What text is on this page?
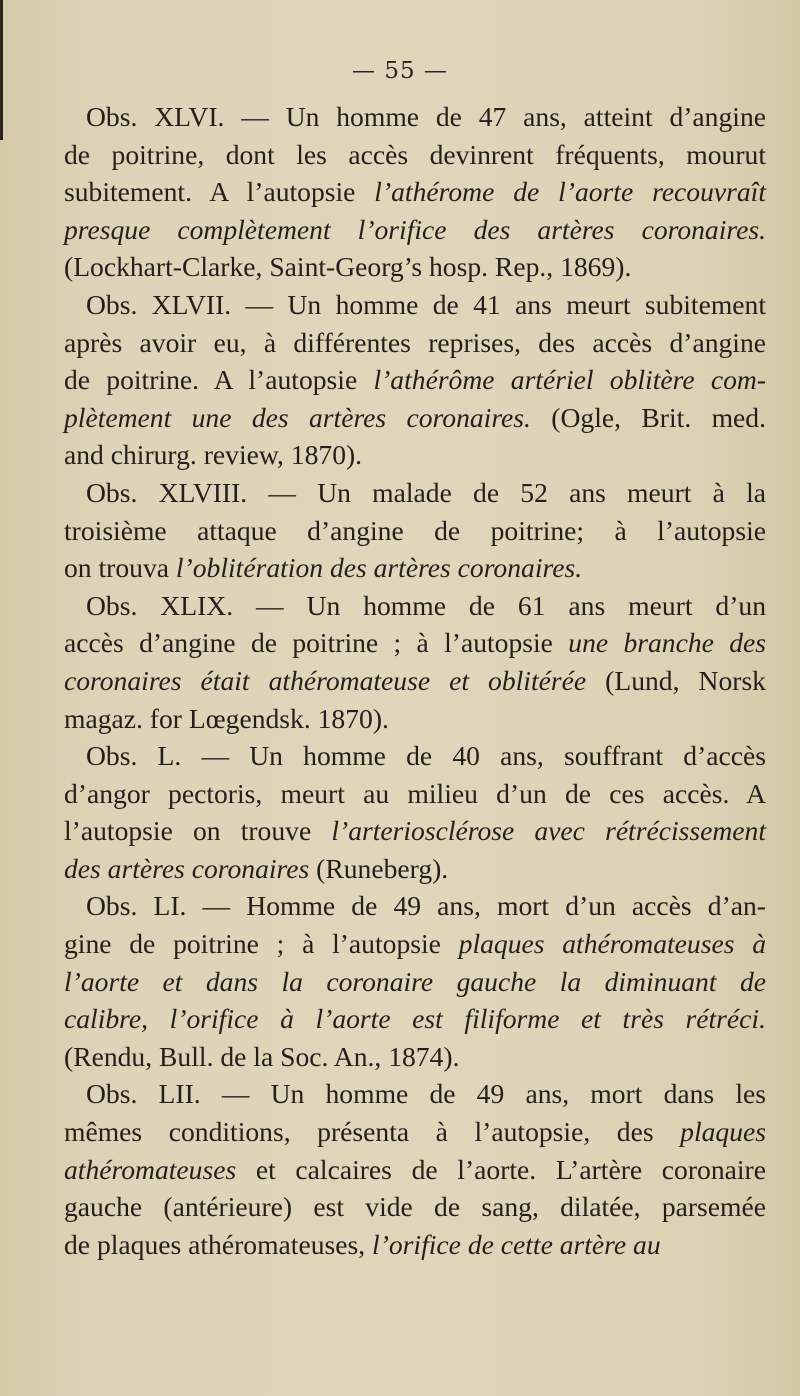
— 55 —

Obs. XLVI. — Un homme de 47 ans, atteint d’angine
de poitrine, dont les accès devinrent fréquents, mourut
subitement. A l’autopsie l’athérome de l’aorte recouvraît
presque complètement l’orifice des artères coronaires.
(Lockhart-Clarke, Saint-Georg’s hosp. Rep., 1869).

Obs. XLVII. — Un homme de 41 ans meurt subitement
après avoir eu, à différentes reprises, des accès d’angine
de poitrine. A l’autopsie l’athérôme artériel oblitère com-
plètement une des artères coronaires. (Ogle, Brit. med.
and chirurg. review, 1870).

Obs. XLVIII. — Un malade de 52 ans meurt à la
troisième attaque d’angine de poitrine; à l’autopsie
on trouva l’oblitération des artères coronaires.

Obs. XLIX. — Un homme de 61 ans meurt d’un
accès d’angine de poitrine ; à l’autopsie une branche des
coronaires était athéromateuse et oblitérée (Lund, Norsk
magaz. for Lœgendsk. 1870).

Obs. L. — Un homme de 40 ans, souffrant d’accès
d’angor pectoris, meurt au milieu d’un de ces accès. A
l’autopsie on trouve l’arteriosclérose avec rétrécissement
des artères coronaires (Runeberg).

Obs. LI. — Homme de 49 ans, mort d’un accès d’an-
gine de poitrine ; à l’autopsie plaques athéromateuses à
l’aorte et dans la coronaire gauche la diminuant de
calibre, l’orifice à l’aorte est filiforme et très rétréci.
(Rendu, Bull. de la Soc. An., 1874).

Obs. LII. — Un homme de 49 ans, mort dans les
mêmes conditions, présenta à l’autopsie, des plaques
athéromateuses et calcaires de l’aorte. L’artère coronaire
gauche (antérieure) est vide de sang, dilatée, parsemée
de plaques athéromateuses, l’orifice de cette artère au
